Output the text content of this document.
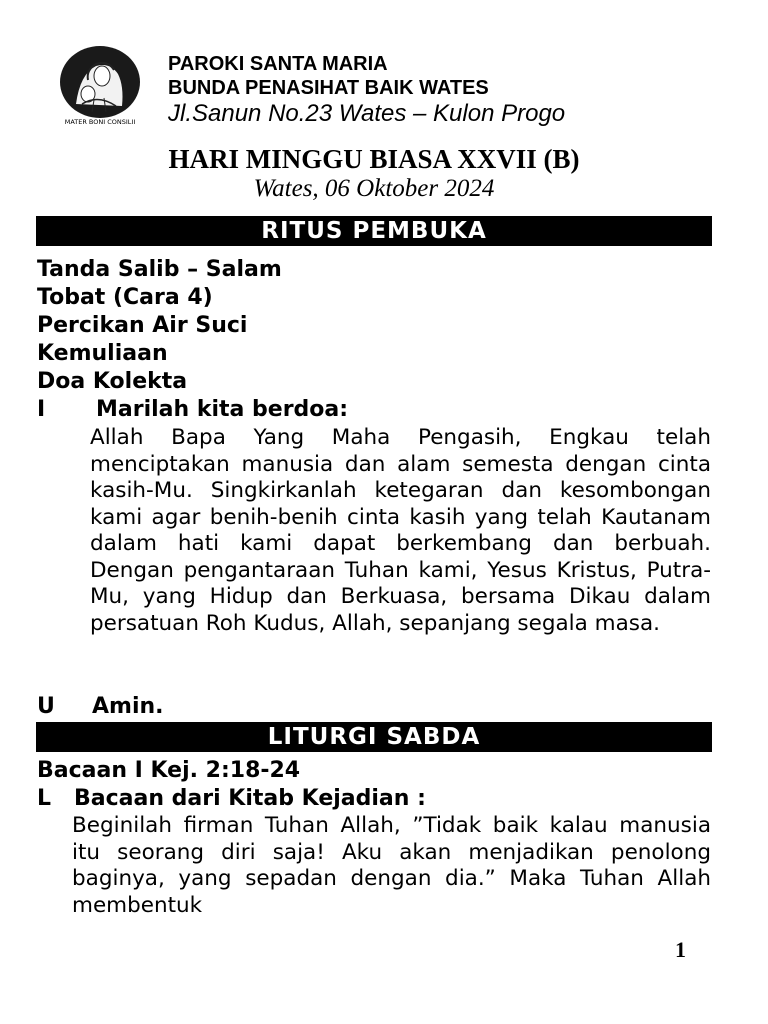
MATER BONI CONSILII
PAROKI SANTA MARIA
BUNDA PENASIHAT BAIK WATES
Jl.Sanun No.23 Wates – Kulon Progo
HARI MINGGU BIASA XXVII (B)
Wates, 06 Oktober 2024
RITUS PEMBUKA
Tanda Salib – Salam
Tobat (Cara 4)
Percikan Air Suci
Kemuliaan
Doa Kolekta
I Marilah kita berdoa:
Allah Bapa Yang Maha Pengasih, Engkau telah menciptakan manusia dan alam semesta dengan cinta kasih-Mu. Singkirkanlah ketegaran dan kesombongan kami agar benih-benih cinta kasih yang telah Kautanam dalam hati kami dapat berkembang dan berbuah. Dengan pengantaraan Tuhan kami, Yesus Kristus, Putra-Mu, yang Hidup dan Berkuasa, bersama Dikau dalam persatuan Roh Kudus, Allah, sepanjang segala masa.
U Amin.
LITURGI SABDA
Bacaan I Kej. 2:18-24
L Bacaan dari Kitab Kejadian :
Beginilah firman Tuhan Allah, ”Tidak baik kalau manusia itu seorang diri saja! Aku akan menjadikan penolong baginya, yang sepadan dengan dia.” Maka Tuhan Allah membentuk
1
